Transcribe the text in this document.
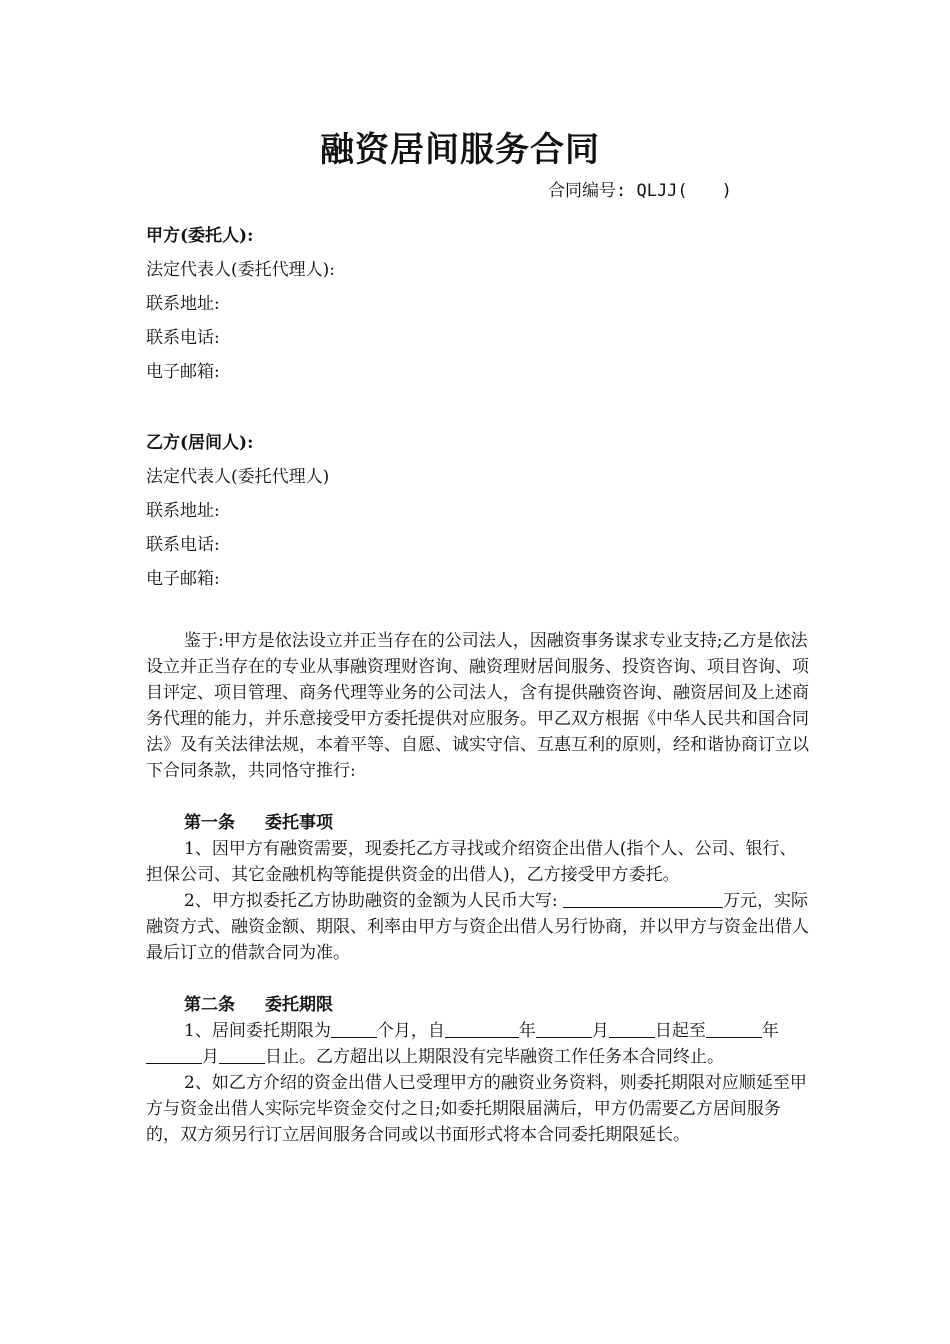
融资居间服务合同
合同编号: QLJJ(　　)
甲方(委托人):
法定代表人(委托代理人):
联系地址:
联系电话:
电子邮箱:
乙方(居间人):
法定代表人(委托代理人)
联系地址:
联系电话:
电子邮箱:

鉴于:甲方是依法设立并正当存在的公司法人，因融资事务谋求专业支持;乙方是依法设立并正当存在的专业从事融资理财咨询、融资理财居间服务、投资咨询、项目咨询、项目评定、项目管理、商务代理等业务的公司法人，含有提供融资咨询、融资居间及上述商务代理的能力，并乐意接受甲方委托提供对应服务。甲乙双方根据《中华人民共和国合同法》及有关法律法规，本着平等、自愿、诚实守信、互惠互利的原则，经和谐协商订立以下合同条款，共同恪守推行:

第一条 委托事项

1、因甲方有融资需要，现委托乙方寻找或介绍资企出借人(指个人、公司、银行、担保公司、其它金融机构等能提供资金的出借人)，乙方接受甲方委托。

2、甲方拟委托乙方协助融资的金额为人民币大写:	万元，实际融资方式、融资金额、期限、利率由甲方与资企出借人另行协商，并以甲方与资金出借人最后订立的借款合同为准。

第二条 委托期限

1、居间委托期限为	个月，自	年	月	日起至	年月	日止。乙方超出以上期限没有完毕融资工作任务本合同终止。

2、如乙方介绍的资金出借人已受理甲方的融资业务资料，则委托期限对应顺延至甲方与资金出借人实际完毕资金交付之日;如委托期限届满后，甲方仍需要乙方居间服务的，双方须另行订立居间服务合同或以书面形式将本合同委托期限延长。
